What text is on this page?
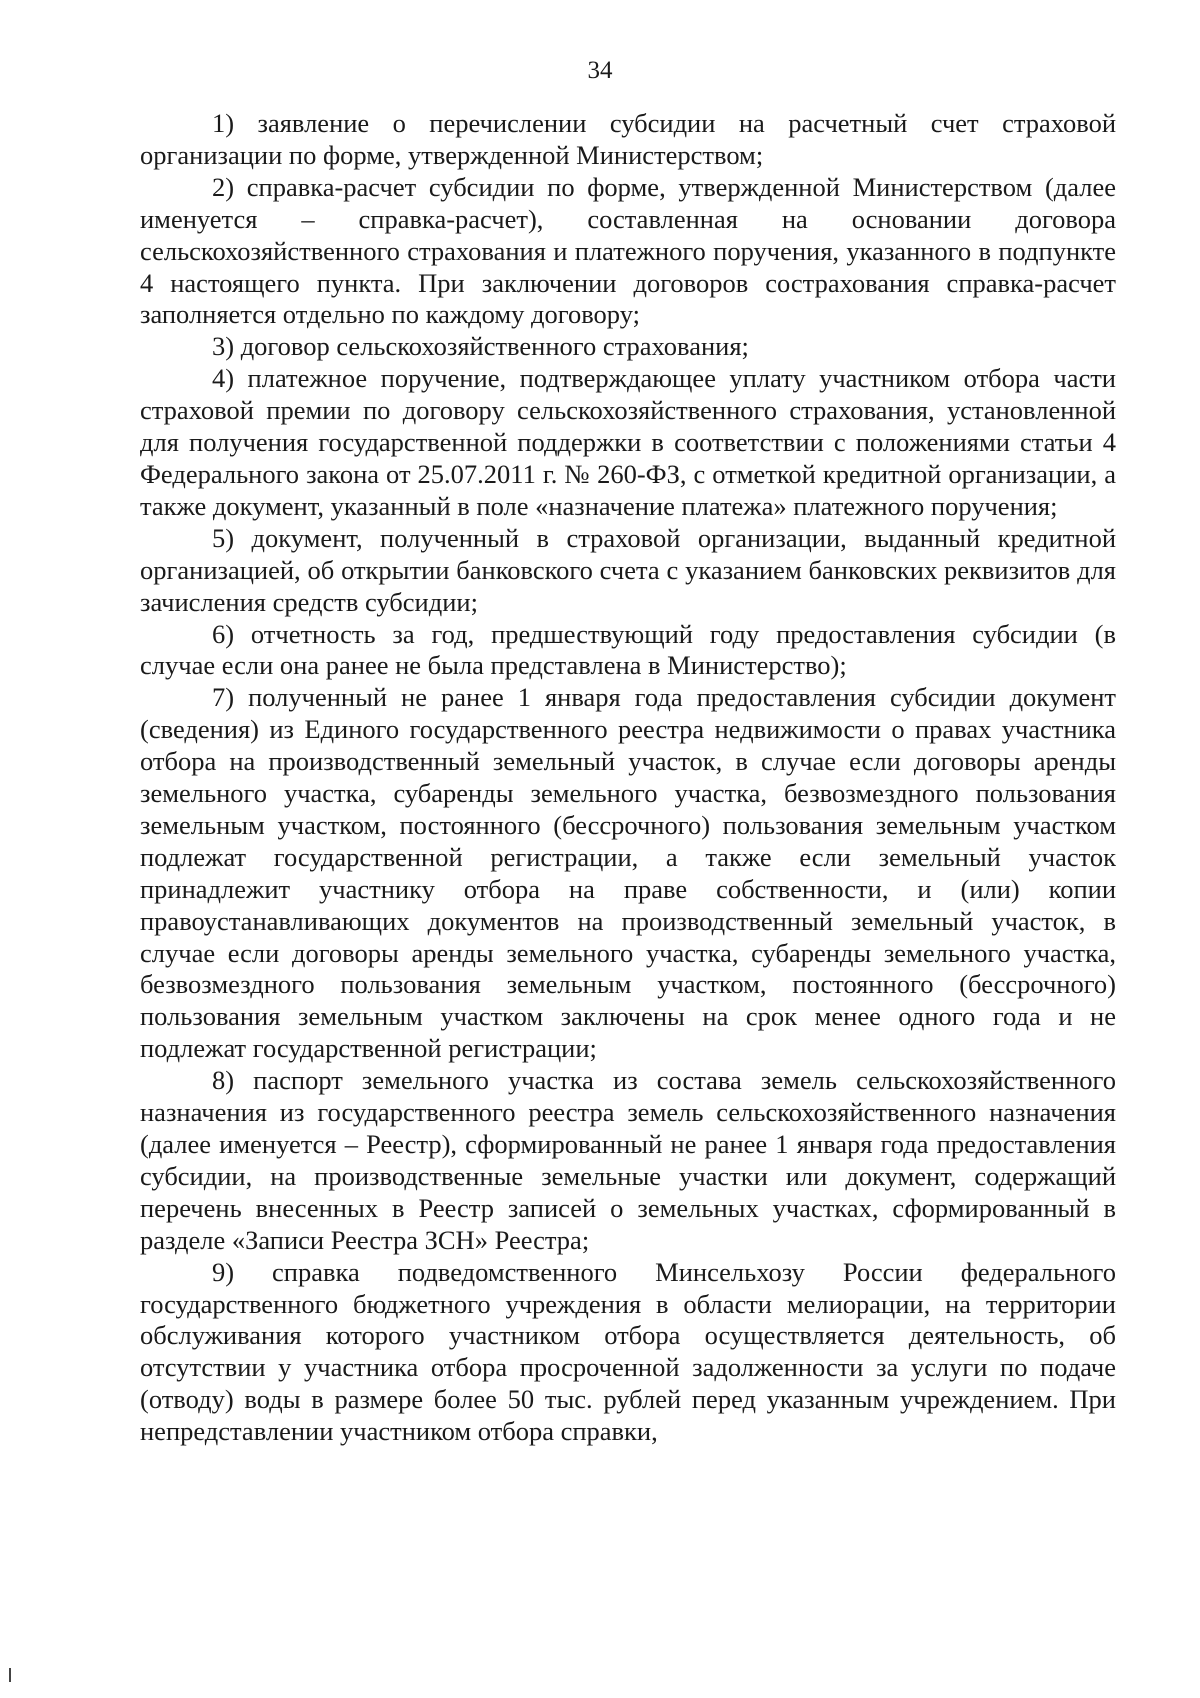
34

1) заявление о перечислении субсидии на расчетный счет страховой организации по форме, утвержденной Министерством;

2) справка-расчет субсидии по форме, утвержденной Министерством (далее именуется – справка-расчет), составленная на основании договора сельскохозяйственного страхования и платежного поручения, указанного в подпункте 4 настоящего пункта. При заключении договоров сострахования справка-расчет заполняется отдельно по каждому договору;

3) договор сельскохозяйственного страхования;

4) платежное поручение, подтверждающее уплату участником отбора части страховой премии по договору сельскохозяйственного страхования, установленной для получения государственной поддержки в соответствии с положениями статьи 4 Федерального закона от 25.07.2011 г. № 260-ФЗ, с отметкой кредитной организации, а также документ, указанный в поле «назначение платежа» платежного поручения;

5) документ, полученный в страховой организации, выданный кредитной организацией, об открытии банковского счета с указанием банковских реквизитов для зачисления средств субсидии;

6) отчетность за год, предшествующий году предоставления субсидии (в случае если она ранее не была представлена в Министерство);

7) полученный не ранее 1 января года предоставления субсидии документ (сведения) из Единого государственного реестра недвижимости о правах участника отбора на производственный земельный участок, в случае если договоры аренды земельного участка, субаренды земельного участка, безвозмездного пользования земельным участком, постоянного (бессрочного) пользования земельным участком подлежат государственной регистрации, а также если земельный участок принадлежит участнику отбора на праве собственности, и (или) копии правоустанавливающих документов на производственный земельный участок, в случае если договоры аренды земельного участка, субаренды земельного участка, безвозмездного пользования земельным участком, постоянного (бессрочного) пользования земельным участком заключены на срок менее одного года и не подлежат государственной регистрации;

8) паспорт земельного участка из состава земель сельскохозяйственного назначения из государственного реестра земель сельскохозяйственного назначения (далее именуется – Реестр), сформированный не ранее 1 января года предоставления субсидии, на производственные земельные участки или документ, содержащий перечень внесенных в Реестр записей о земельных участках, сформированный в разделе «Записи Реестра ЗСН» Реестра;

9) справка подведомственного Минсельхозу России федерального государственного бюджетного учреждения в области мелиорации, на территории обслуживания которого участником отбора осуществляется деятельность, об отсутствии у участника отбора просроченной задолженности за услуги по подаче (отводу) воды в размере более 50 тыс. рублей перед указанным учреждением. При непредставлении участником отбора справки,
